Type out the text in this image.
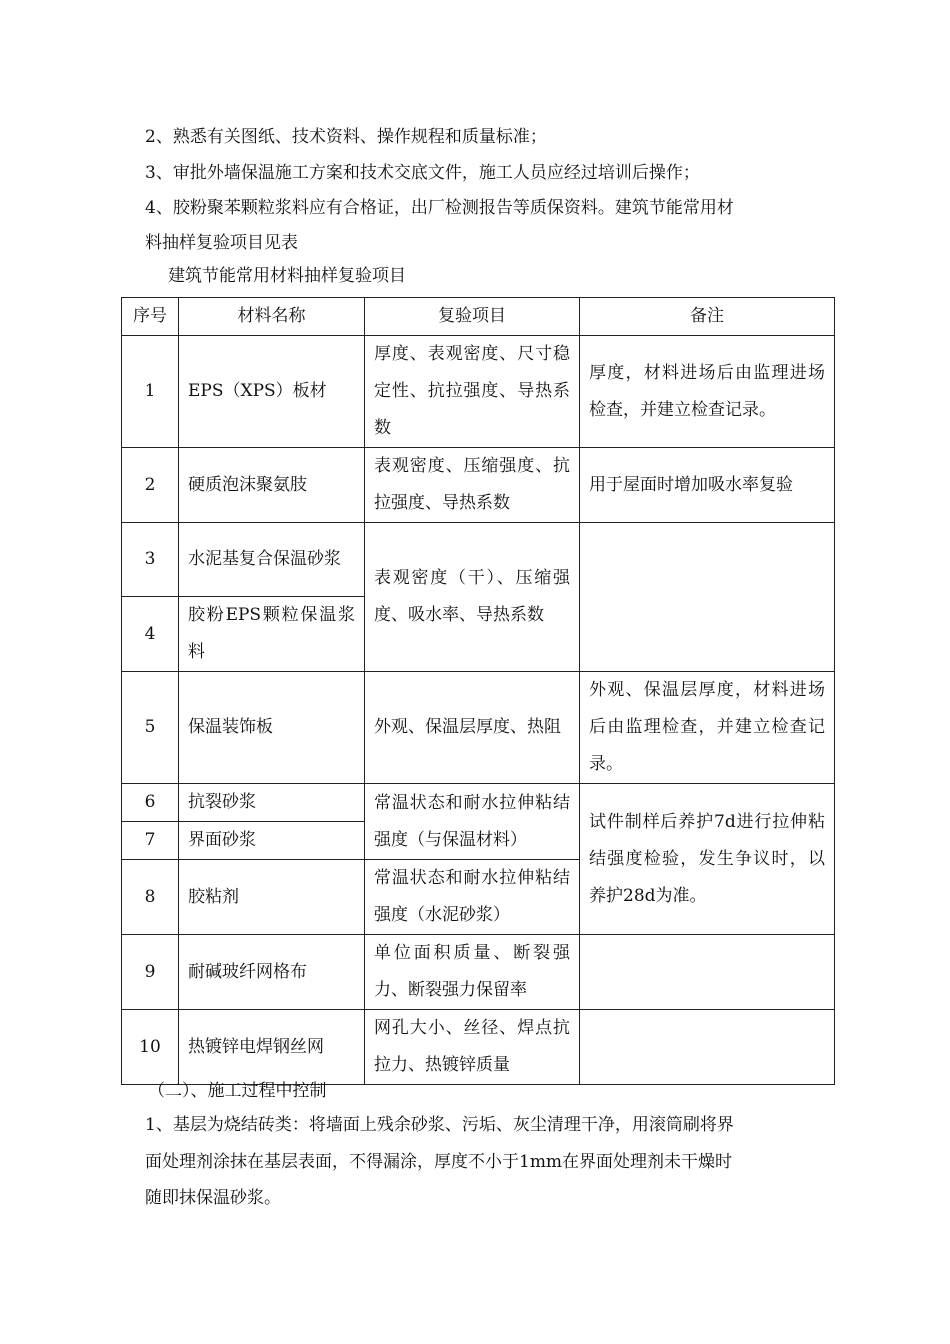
2、熟悉有关图纸、技术资料、操作规程和质量标准；
3、审批外墙保温施工方案和技术交底文件，施工人员应经过培训后操作；
4、胶粉聚苯颗粒浆料应有合格证，出厂检测报告等质保资料。建筑节能常用材
料抽样复验项目见表
建筑节能常用材料抽样复验项目
序号	材料名称	复验项目	备注
1	EPS（XPS）板材	厚度、表观密度、尺寸稳定性、抗拉强度、导热系数	厚度，材料进场后由监理进场检查，并建立检查记录。

2	硬质泡沫聚氨肢	表观密度、压缩强度、抗拉强度、导热系数	用于屋面时增加吸水率复验
3	水泥基复合保温砂浆	表观密度（干）、压缩强度、吸水率、导热系数	

4	胶粉EPS颗粒保温浆料		

5	保温装饰板	外观、保温层厚度、热阻	外观、保温层厚度，材料进场后由监理检查，并建立检查记录。

6	抗裂砂浆	常温状态和耐水拉伸粘结强度（与保温材料）	试件制样后养护7d进行拉伸粘结强度检验，发生争议时，以养护28d为准。

7	界面砂浆		
8	胶粘剂	常温状态和耐水拉伸粘结强度（水泥砂浆）	

9	耐碱玻纤网格布	单位面积质量、断裂强力、断裂强力保留率	

10	热镀锌电焊钢丝网	网孔大小、丝径、焊点抗拉力、热镀锌质量	

（二）、施工过程中控制
1、基层为烧结砖类：将墙面上残余砂浆、污垢、灰尘清理干净，用滚筒刷将界
面处理剂涂抹在基层表面，不得漏涂，厚度不小于1mm在界面处理剂未干燥时
随即抹保温砂浆。
